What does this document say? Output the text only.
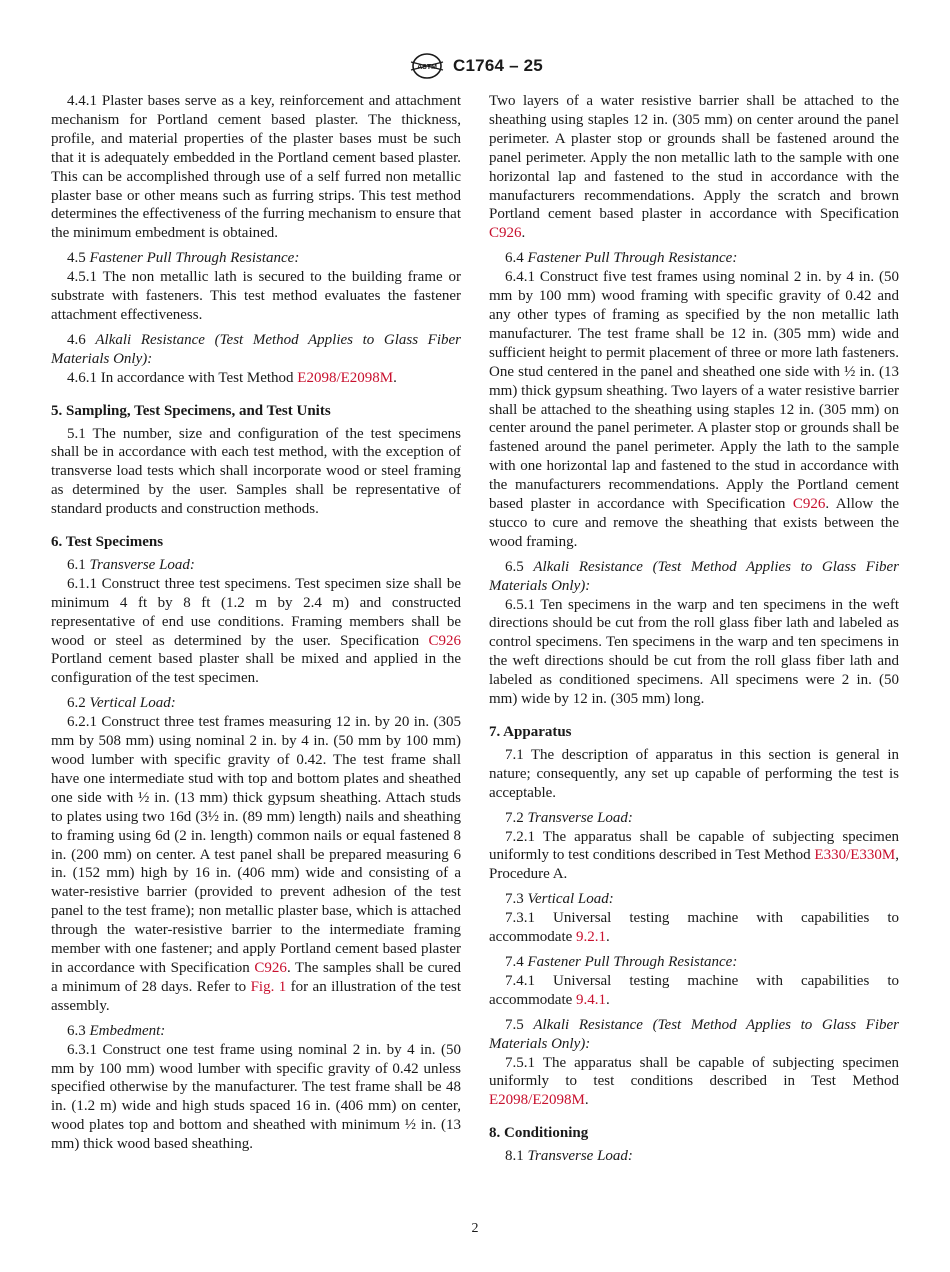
ASTM C1764 – 25

4.4.1 Plaster bases serve as a key, reinforcement and attachment mechanism for Portland cement based plaster. The thickness, profile, and material properties of the plaster bases must be such that it is adequately embedded in the Portland cement based plaster. This can be accomplished through use of a self furred non metallic plaster base or other means such as furring strips. This test method determines the effectiveness of the furring mechanism to ensure that the minimum embedment is obtained.

4.5 Fastener Pull Through Resistance:

4.5.1 The non metallic lath is secured to the building frame or substrate with fasteners. This test method evaluates the fastener attachment effectiveness.

4.6 Alkali Resistance (Test Method Applies to Glass Fiber Materials Only):

4.6.1 In accordance with Test Method E2098/E2098M.

5. Sampling, Test Specimens, and Test Units

5.1 The number, size and configuration of the test specimens shall be in accordance with each test method, with the exception of transverse load tests which shall incorporate wood or steel framing as determined by the user. Samples shall be representative of standard products and construction methods.

6. Test Specimens

6.1 Transverse Load:

6.1.1 Construct three test specimens. Test specimen size shall be minimum 4 ft by 8 ft (1.2 m by 2.4 m) and constructed representative of end use conditions. Framing members shall be wood or steel as determined by the user. Specification C926 Portland cement based plaster shall be mixed and applied in the configuration of the test specimen.

6.2 Vertical Load:

6.2.1 Construct three test frames measuring 12 in. by 20 in. (305 mm by 508 mm) using nominal 2 in. by 4 in. (50 mm by 100 mm) wood lumber with specific gravity of 0.42. The test frame shall have one intermediate stud with top and bottom plates and sheathed one side with ½ in. (13 mm) thick gypsum sheathing. Attach studs to plates using two 16d (3½ in. (89 mm) length) nails and sheathing to framing using 6d (2 in. length) common nails or equal fastened 8 in. (200 mm) on center. A test panel shall be prepared measuring 6 in. (152 mm) high by 16 in. (406 mm) wide and consisting of a water-resistive barrier (provided to prevent adhesion of the test panel to the test frame); non metallic plaster base, which is attached through the water-resistive barrier to the intermediate framing member with one fastener; and apply Portland cement based plaster in accordance with Specification C926. The samples shall be cured a minimum of 28 days. Refer to Fig. 1 for an illustration of the test assembly.

6.3 Embedment:

6.3.1 Construct one test frame using nominal 2 in. by 4 in. (50 mm by 100 mm) wood lumber with specific gravity of 0.42 unless specified otherwise by the manufacturer. The test frame shall be 48 in. (1.2 m) wide and high studs spaced 16 in. (406 mm) on center, wood plates top and bottom and sheathed with minimum ½ in. (13 mm) thick wood based sheathing.

Two layers of a water resistive barrier shall be attached to the sheathing using staples 12 in. (305 mm) on center around the panel perimeter. A plaster stop or grounds shall be fastened around the panel perimeter. Apply the non metallic lath to the sample with one horizontal lap and fastened to the stud in accordance with the manufacturers recommendations. Apply the scratch and brown Portland cement based plaster in accordance with Specification C926.

6.4 Fastener Pull Through Resistance:

6.4.1 Construct five test frames using nominal 2 in. by 4 in. (50 mm by 100 mm) wood framing with specific gravity of 0.42 and any other types of framing as specified by the non metallic lath manufacturer. The test frame shall be 12 in. (305 mm) wide and sufficient height to permit placement of three or more lath fasteners. One stud centered in the panel and sheathed one side with ½ in. (13 mm) thick gypsum sheathing. Two layers of a water resistive barrier shall be attached to the sheathing using staples 12 in. (305 mm) on center around the panel perimeter. A plaster stop or grounds shall be fastened around the panel perimeter. Apply the lath to the sample with one horizontal lap and fastened to the stud in accordance with the manufacturers recommendations. Apply the Portland cement based plaster in accordance with Specification C926. Allow the stucco to cure and remove the sheathing that exists between the wood framing.

6.5 Alkali Resistance (Test Method Applies to Glass Fiber Materials Only):

6.5.1 Ten specimens in the warp and ten specimens in the weft directions should be cut from the roll glass fiber lath and labeled as control specimens. Ten specimens in the warp and ten specimens in the weft directions should be cut from the roll glass fiber lath and labeled as conditioned specimens. All specimens were 2 in. (50 mm) wide by 12 in. (305 mm) long.

7. Apparatus

7.1 The description of apparatus in this section is general in nature; consequently, any set up capable of performing the test is acceptable.

7.2 Transverse Load:

7.2.1 The apparatus shall be capable of subjecting specimen uniformly to test conditions described in Test Method E330/E330M, Procedure A.

7.3 Vertical Load:

7.3.1 Universal testing machine with capabilities to accommodate 9.2.1.

7.4 Fastener Pull Through Resistance:

7.4.1 Universal testing machine with capabilities to accommodate 9.4.1.

7.5 Alkali Resistance (Test Method Applies to Glass Fiber Materials Only):

7.5.1 The apparatus shall be capable of subjecting specimen uniformly to test conditions described in Test Method E2098/E2098M.

8. Conditioning

8.1 Transverse Load:

2
